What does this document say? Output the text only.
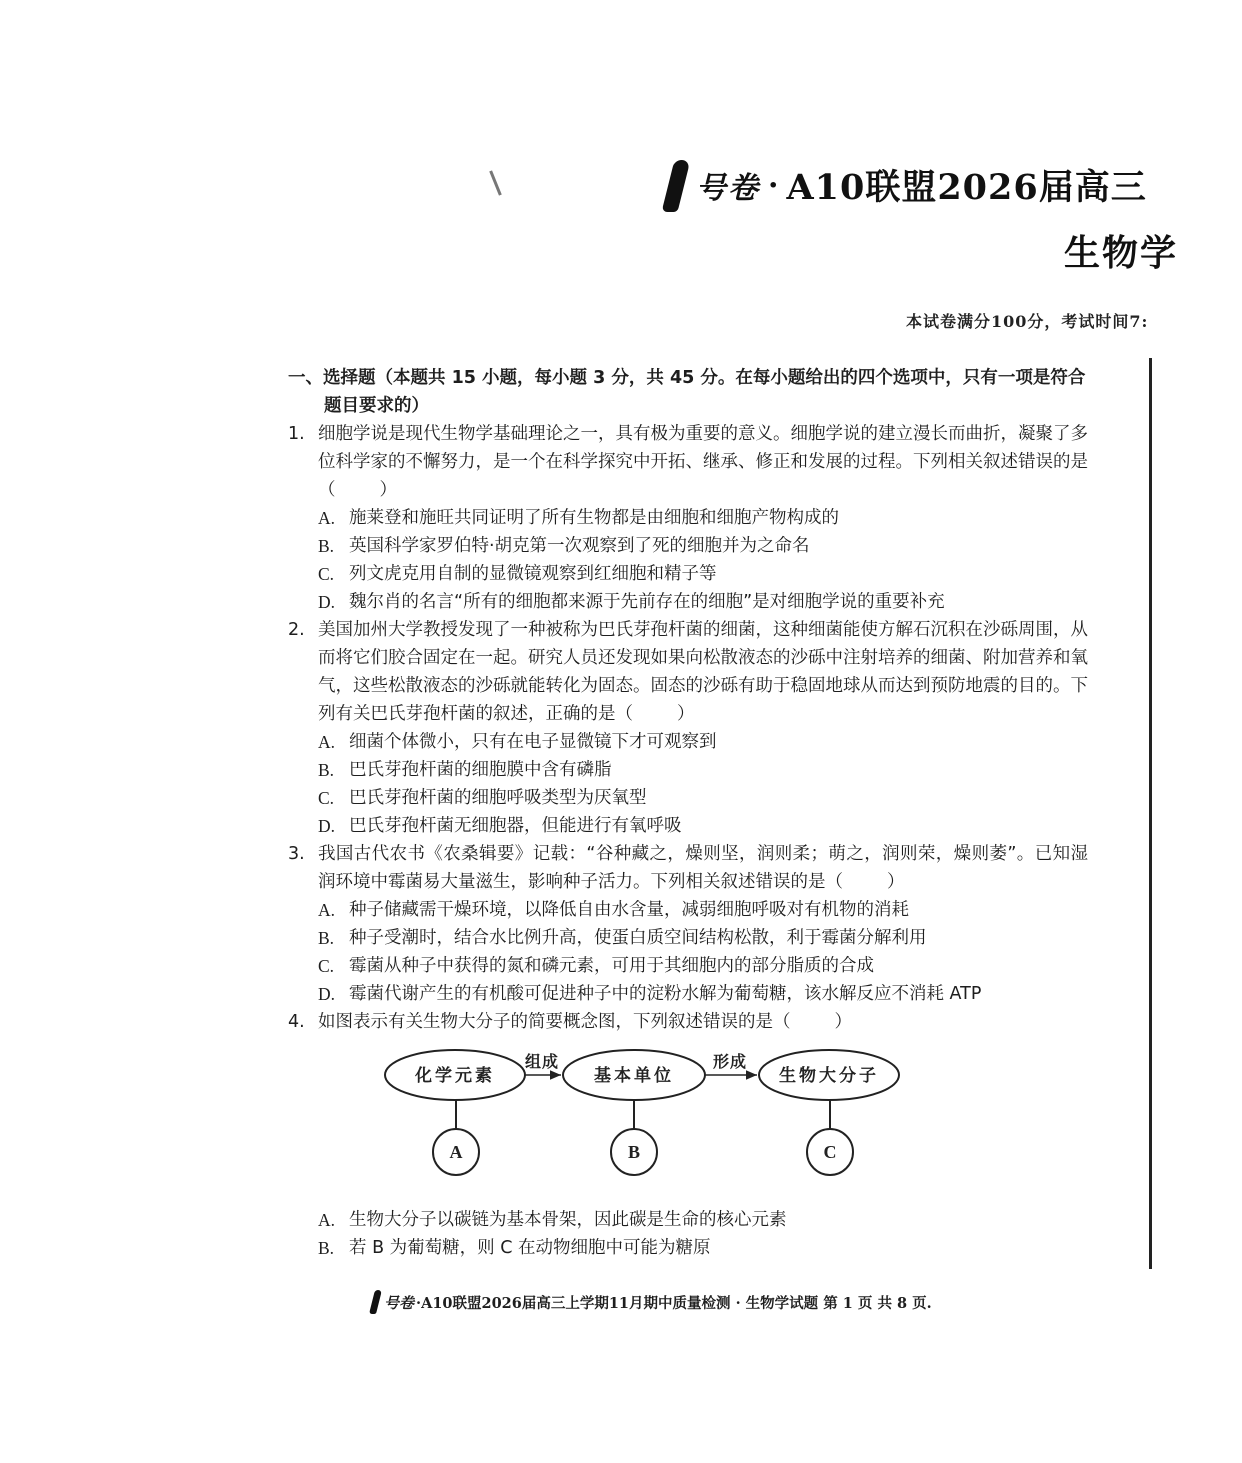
号卷 · A10联盟2026届高三
生物学
本试卷满分100分，考试时间7:
一、选择题（本题共 15 小题，每小题 3 分，共 45 分。在每小题给出的四个选项中，只有一项是符合题目要求的）
1. 细胞学说是现代生物学基础理论之一，具有极为重要的意义。细胞学说的建立漫长而曲折，凝聚了多位科学家的不懈努力，是一个在科学探究中开拓、继承、修正和发展的过程。下列相关叙述错误的是（	）
A. 施莱登和施旺共同证明了所有生物都是由细胞和细胞产物构成的
B. 英国科学家罗伯特·胡克第一次观察到了死的细胞并为之命名
C. 列文虎克用自制的显微镜观察到红细胞和精子等
D. 魏尔肖的名言“所有的细胞都来源于先前存在的细胞”是对细胞学说的重要补充
2. 美国加州大学教授发现了一种被称为巴氏芽孢杆菌的细菌，这种细菌能使方解石沉积在沙砾周围，从而将它们胶合固定在一起。研究人员还发现如果向松散液态的沙砾中注射培养的细菌、附加营养和氧气，这些松散液态的沙砾就能转化为固态。固态的沙砾有助于稳固地球从而达到预防地震的目的。下列有关巴氏芽孢杆菌的叙述，正确的是（	）
A. 细菌个体微小，只有在电子显微镜下才可观察到
B. 巴氏芽孢杆菌的细胞膜中含有磷脂
C. 巴氏芽孢杆菌的细胞呼吸类型为厌氧型
D. 巴氏芽孢杆菌无细胞器，但能进行有氧呼吸
3. 我国古代农书《农桑辑要》记载：“谷种藏之，燥则坚，润则柔；萌之，润则荣，燥则萎”。已知湿润环境中霉菌易大量滋生，影响种子活力。下列相关叙述错误的是（	）
A. 种子储藏需干燥环境，以降低自由水含量，减弱细胞呼吸对有机物的消耗
B. 种子受潮时，结合水比例升高，使蛋白质空间结构松散，利于霉菌分解利用
C. 霉菌从种子中获得的氮和磷元素，可用于其细胞内的部分脂质的合成
D. 霉菌代谢产生的有机酸可促进种子中的淀粉水解为葡萄糖，该水解反应不消耗 ATP
4. 如图表示有关生物大分子的简要概念图，下列叙述错误的是（	）
化学元素	基本单位	生物大分子
组成	形成
A	B	C
A. 生物大分子以碳链为基本骨架，因此碳是生命的核心元素
B. 若 B 为葡萄糖，则 C 在动物细胞中可能为糖原
号卷 ·A10联盟2026届高三上学期11月期中质量检测 · 生物学试题 第 1 页 共 8 页.
